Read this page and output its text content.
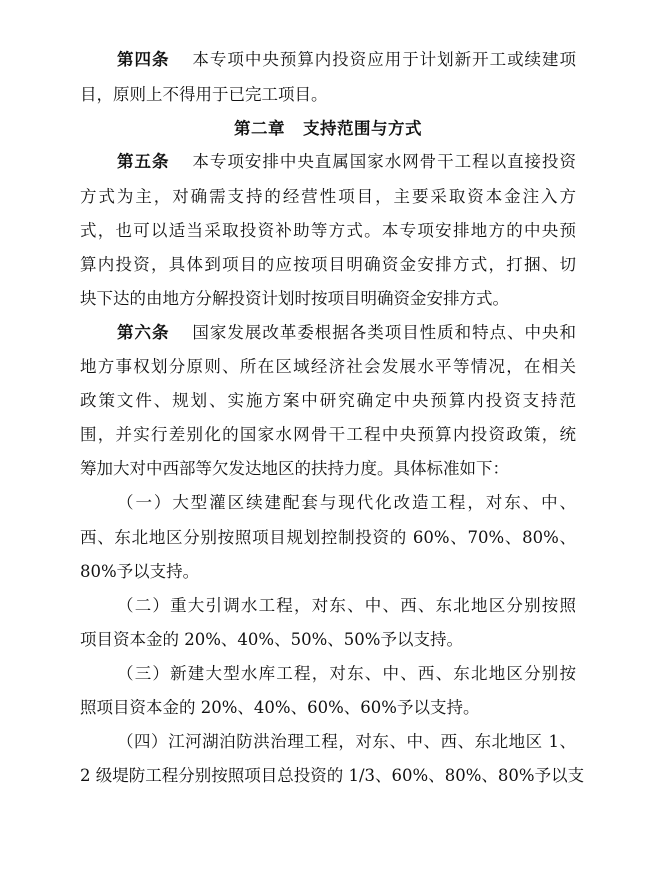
第四条 本专项中央预算内投资应用于计划新开工或续建项
目，原则上不得用于已完工项目。
第二章 支持范围与方式
第五条 本专项安排中央直属国家水网骨干工程以直接投资
方式为主，对确需支持的经营性项目，主要采取资本金注入方
式，也可以适当采取投资补助等方式。本专项安排地方的中央预
算内投资，具体到项目的应按项目明确资金安排方式，打捆、切
块下达的由地方分解投资计划时按项目明确资金安排方式。
第六条 国家发展改革委根据各类项目性质和特点、中央和
地方事权划分原则、所在区域经济社会发展水平等情况，在相关
政策文件、规划、实施方案中研究确定中央预算内投资支持范
围，并实行差别化的国家水网骨干工程中央预算内投资政策，统
筹加大对中西部等欠发达地区的扶持力度。具体标准如下：
（一）大型灌区续建配套与现代化改造工程，对东、中、
西、东北地区分别按照项目规划控制投资的 60%、70%、80%、
80%予以支持。
（二）重大引调水工程，对东、中、西、东北地区分别按照
项目资本金的 20%、40%、50%、50%予以支持。
（三）新建大型水库工程，对东、中、西、东北地区分别按
照项目资本金的 20%、40%、60%、60%予以支持。
（四）江河湖泊防洪治理工程，对东、中、西、东北地区 1、
2 级堤防工程分别按照项目总投资的 1/3、60%、80%、80%予以支
